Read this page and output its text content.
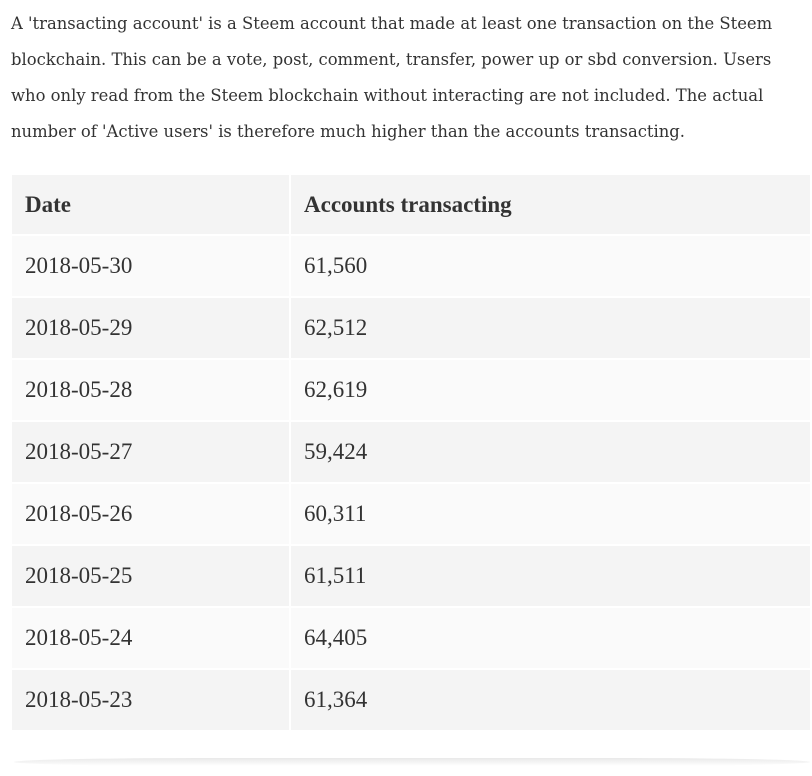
A 'transacting account' is a Steem account that made at least one transaction on the Steem blockchain. This can be a vote, post, comment, transfer, power up or sbd conversion. Users who only read from the Steem blockchain without interacting are not included. The actual number of 'Active users' is therefore much higher than the accounts transacting.

Date	Accounts transacting
2018-05-30	61,560
2018-05-29	62,512
2018-05-28	62,619
2018-05-27	59,424
2018-05-26	60,311
2018-05-25	61,511
2018-05-24	64,405
2018-05-23	61,364
